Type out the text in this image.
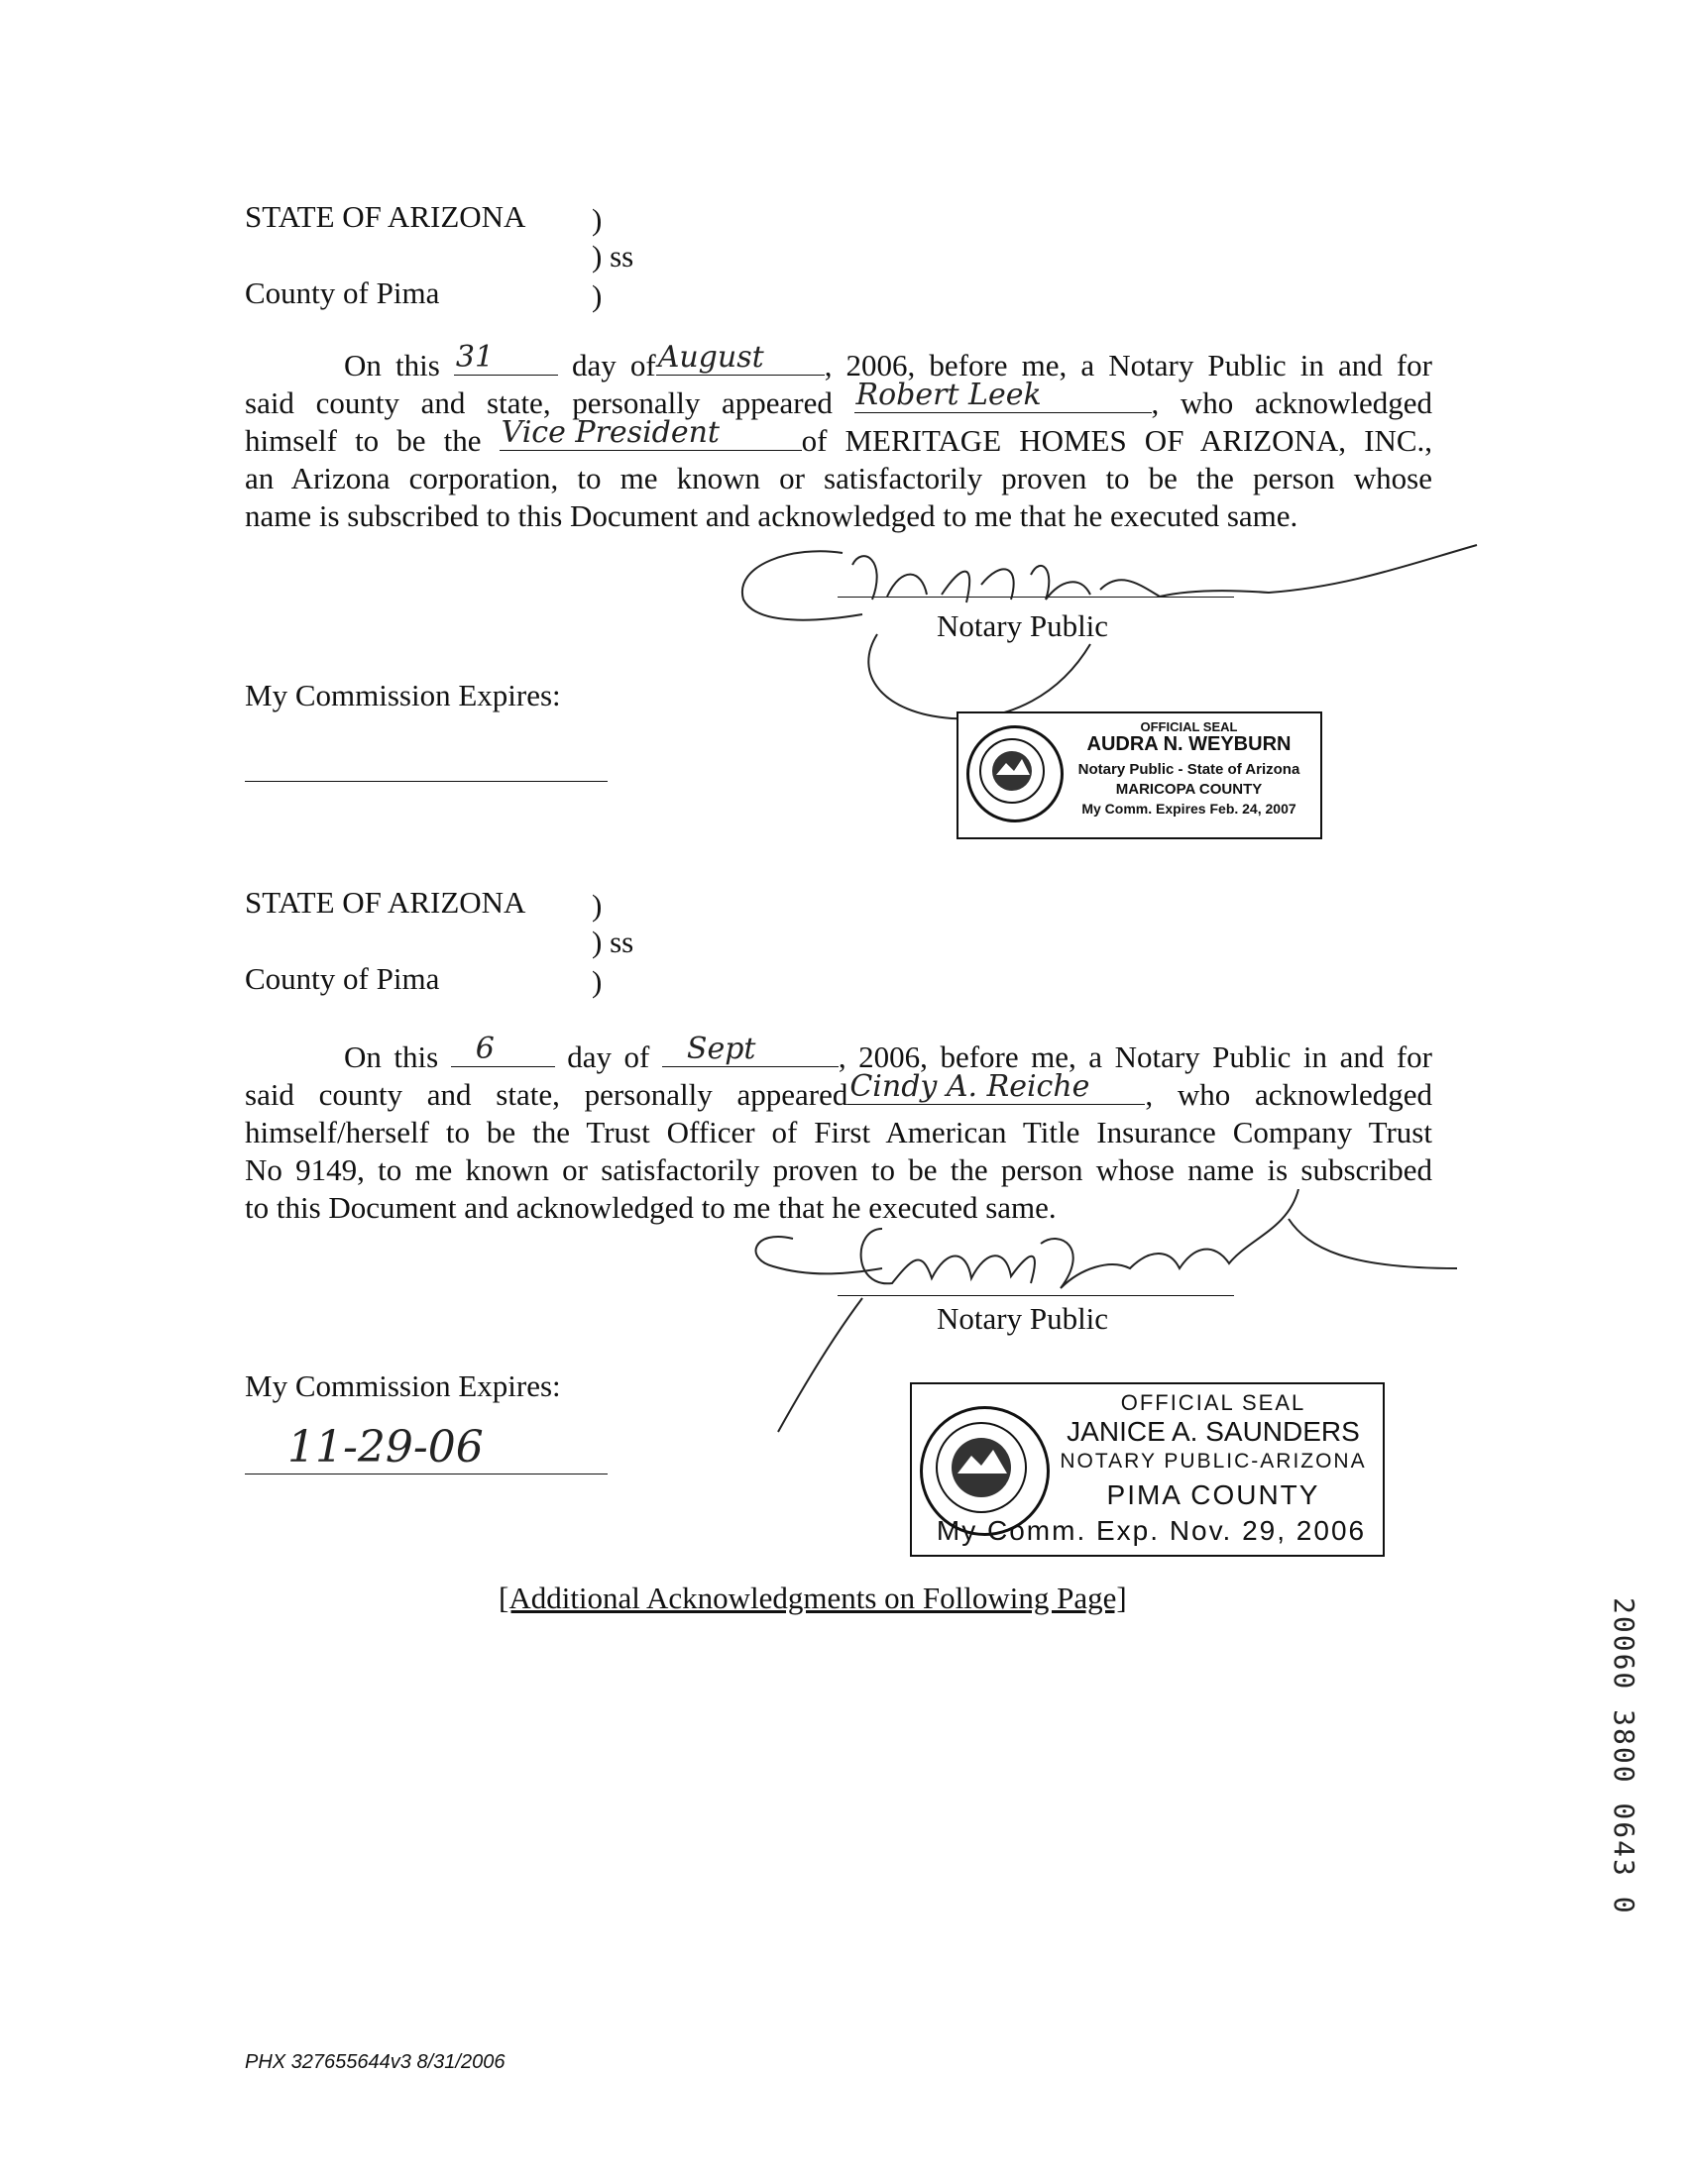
STATE OF ARIZONA )
) ss
County of Pima	)
On this 31	day of August , 2006, before me, a Notary Public in and for
said county and state, personally appeared Robert Leek	, who acknowledged
himself to be the Vice President	of MERITAGE HOMES OF ARIZONA, INC.,
an Arizona corporation, to me known or satisfactorily proven to be the person whose
name is subscribed to this Document and acknowledged to me that he executed same.
Notary Public
My Commission Expires:
OFFICIAL SEAL
AUDRA N. WEYBURN
Notary Public - State of Arizona
MARICOPA COUNTY
My Comm. Expires Feb. 24, 2007
STATE OF ARIZONA )
) ss
County of Pima	)
On this 6 day of Sept	, 2006, before me, a Notary Public in and for
said county and state, personally appeared Cindy A. Reiche , who acknowledged
himself/herself to be the Trust Officer of First American Title Insurance Company Trust
No 9149, to me known or satisfactorily proven to be the person whose name is subscribed
to this Document and acknowledged to me that he executed same.
Notary Public
My Commission Expires:
11-29-06
OFFICIAL SEAL
JANICE A. SAUNDERS
NOTARY PUBLIC-ARIZONA
PIMA COUNTY
My Comm. Exp. Nov. 29, 2006
[Additional Acknowledgments on Following Page]	20060 3800 0643 0
PHX 327655644v3 8/31/2006
